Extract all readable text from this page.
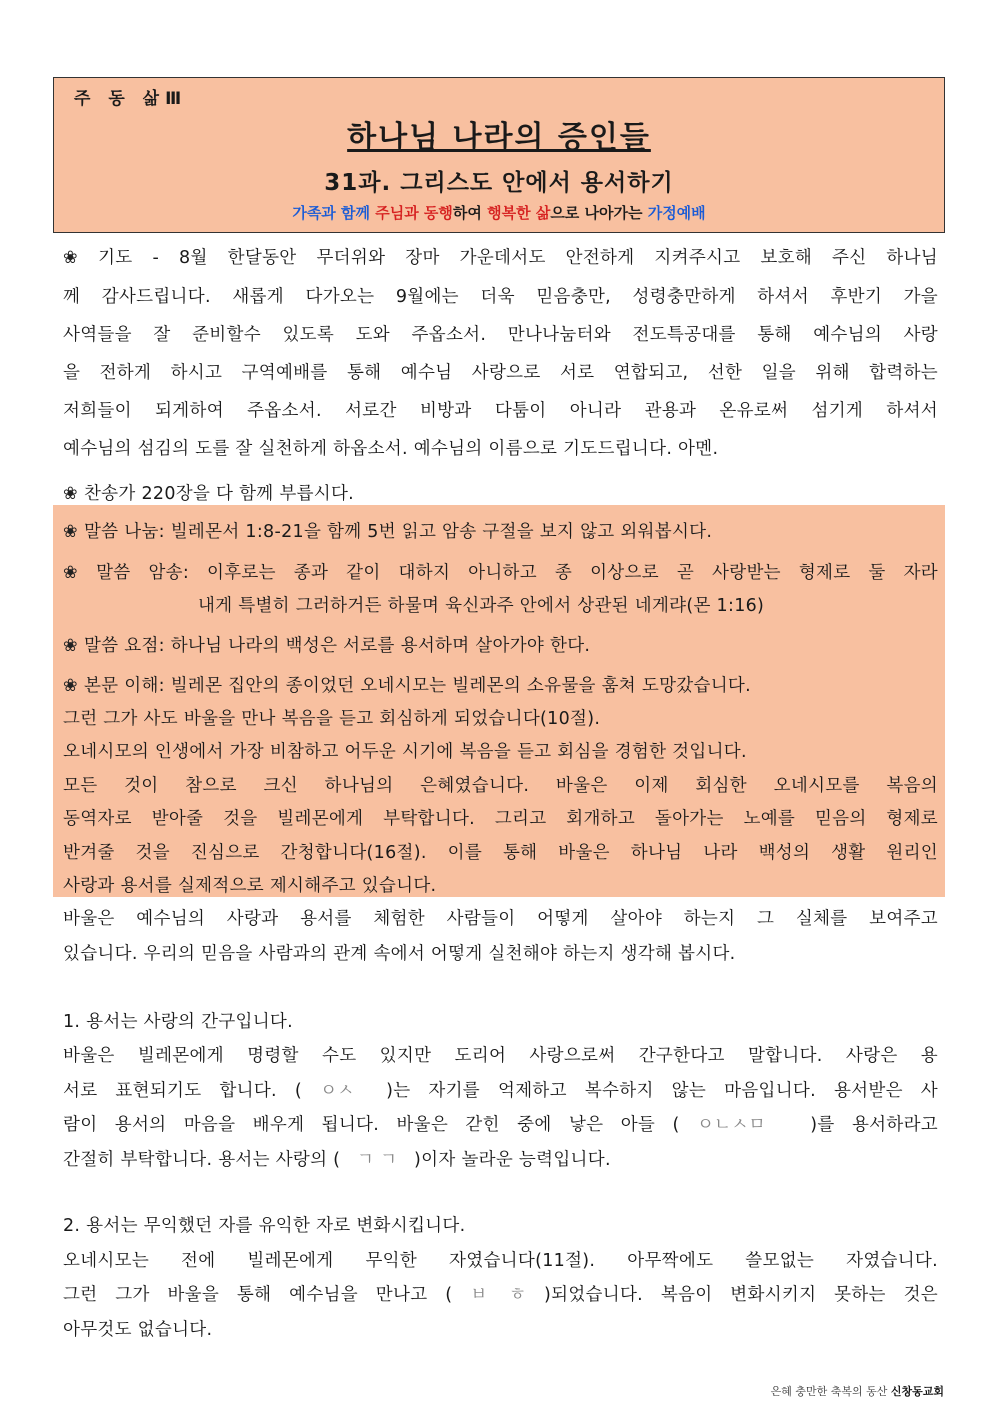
주 동 삶Ⅲ
하나님 나라의 증인들
31과. 그리스도 안에서 용서하기
가족과 함께 주님과 동행하여 행복한 삶으로 나아가는 가정예배
❀ 기도 - 8월 한달동안 무더위와 장마 가운데서도 안전하게 지켜주시고 보호해 주신 하나님
께 감사드립니다. 새롭게 다가오는 9월에는 더욱 믿음충만, 성령충만하게 하셔서 후반기 가을
사역들을 잘 준비할수 있도록 도와 주옵소서. 만나나눔터와 전도특공대를 통해 예수님의 사랑
을 전하게 하시고 구역예배를 통해 예수님 사랑으로 서로 연합되고, 선한 일을 위해 합력하는
저희들이 되게하여 주옵소서. 서로간 비방과 다툼이 아니라 관용과 온유로써 섬기게 하셔서
예수님의 섬김의 도를 잘 실천하게 하옵소서. 예수님의 이름으로 기도드립니다. 아멘.
❀ 찬송가 220장을 다 함께 부릅시다.
❀ 말씀 나눔: 빌레몬서 1:8-21을 함께 5번 읽고 암송 구절을 보지 않고 외워봅시다.
❀ 말씀 암송: 이후로는 종과 같이 대하지 아니하고 종 이상으로 곧 사랑받는 형제로 둘 자라
내게 특별히 그러하거든 하물며 육신과주 안에서 상관된 네게랴(몬 1:16)
❀ 말씀 요점: 하나님 나라의 백성은 서로를 용서하며 살아가야 한다.
❀ 본문 이해: 빌레몬 집안의 종이었던 오네시모는 빌레몬의 소유물을 훔쳐 도망갔습니다.
그런 그가 사도 바울을 만나 복음을 듣고 회심하게 되었습니다(10절).
오네시모의 인생에서 가장 비참하고 어두운 시기에 복음을 듣고 회심을 경험한 것입니다.
모든 것이 참으로 크신 하나님의 은혜였습니다. 바울은 이제 회심한 오네시모를 복음의
동역자로 받아줄 것을 빌레몬에게 부탁합니다. 그리고 회개하고 돌아가는 노예를 믿음의 형제로
반겨줄 것을 진심으로 간청합니다(16절). 이를 통해 바울은 하나님 나라 백성의 생활 원리인
사랑과 용서를 실제적으로 제시해주고 있습니다.
바울은 예수님의 사랑과 용서를 체험한 사람들이 어떻게 살아야 하는지 그 실체를 보여주고
있습니다. 우리의 믿음을 사람과의 관계 속에서 어떻게 실천해야 하는지 생각해 봅시다.
1. 용서는 사랑의 간구입니다.
바울은 빌레몬에게 명령할 수도 있지만 도리어 사랑으로써 간구한다고 말합니다. 사랑은 용
서로 표현되기도 합니다. ( ㅇㅅ )는 자기를 억제하고 복수하지 않는 마음입니다. 용서받은 사
람이 용서의 마음을 배우게 됩니다. 바울은 갇힌 중에 낳은 아들 ( ㅇㄴㅅㅁ )를 용서하라고
간절히 부탁합니다. 용서는 사랑의 ( ㄱ ㄱ )이자 놀라운 능력입니다.
2. 용서는 무익했던 자를 유익한 자로 변화시킵니다.
오네시모는 전에 빌레몬에게 무익한 자였습니다(11절). 아무짝에도 쓸모없는 자였습니다.
그런 그가 바울을 통해 예수님을 만나고 ( ㅂ ㅎ )되었습니다. 복음이 변화시키지 못하는 것은
아무것도 없습니다.
은혜 충만한 축복의 동산 신창동교회
